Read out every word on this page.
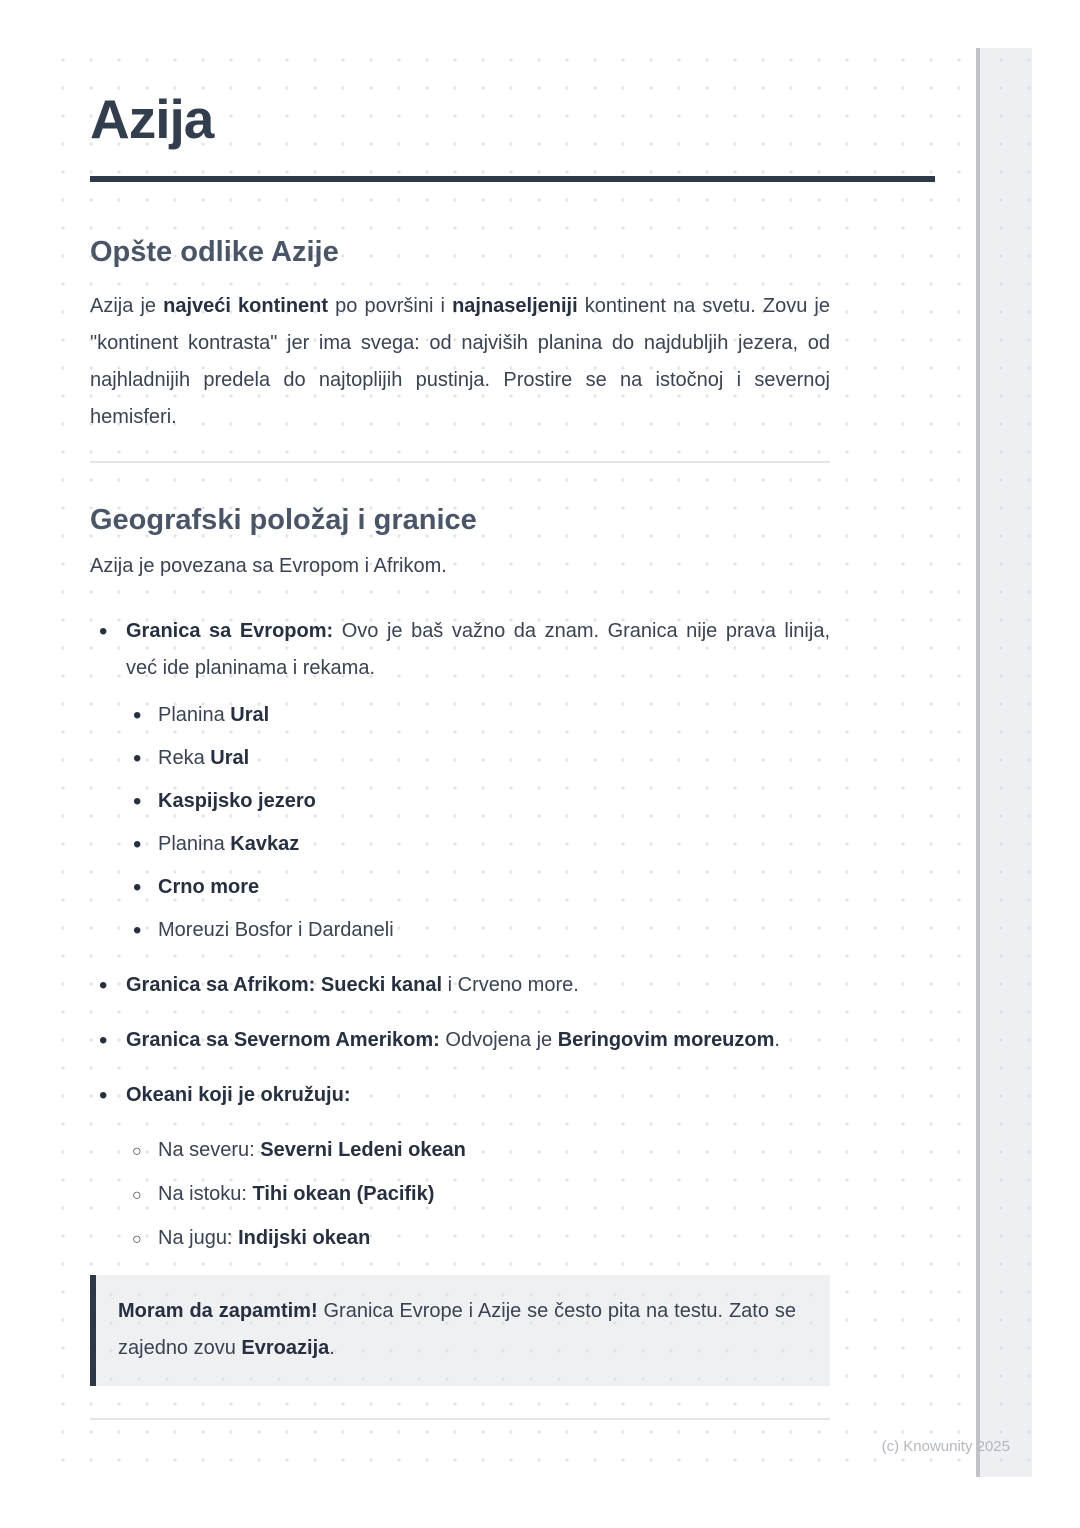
Azija
Opšte odlike Azije

Azija je najveći kontinent po površini i najnaseljeniji kontinent na svetu. Zovu je "kontinent kontrasta" jer ima svega: od najviših planina do najdubljih jezera, od najhladnijih predela do najtoplijih pustinja. Prostire se na istočnoj i severnoj hemisferi.

Geografski položaj i granice

Azija je povezana sa Evropom i Afrikom.

• Granica sa Evropom: Ovo je baš važno da znam. Granica nije prava linija, već ide planinama i rekama.
• Planina Ural
• Reka Ural
• Kaspijsko jezero
• Planina Kavkaz
• Crno more
• Moreuzi Bosfor i Dardaneli
• Granica sa Afrikom: Suecki kanal i Crveno more.
• Granica sa Severnom Amerikom: Odvojena je Beringovim moreuzom.
• Okeani koji je okružuju:
○ Na severu: Severni Ledeni okean
○ Na istoku: Tihi okean (Pacifik)
○ Na jugu: Indijski okean
Moram da zapamtim! Granica Evrope i Azije se često pita na testu. Zato se zajedno zovu Evroazija.
(c) Knowunity 2025
